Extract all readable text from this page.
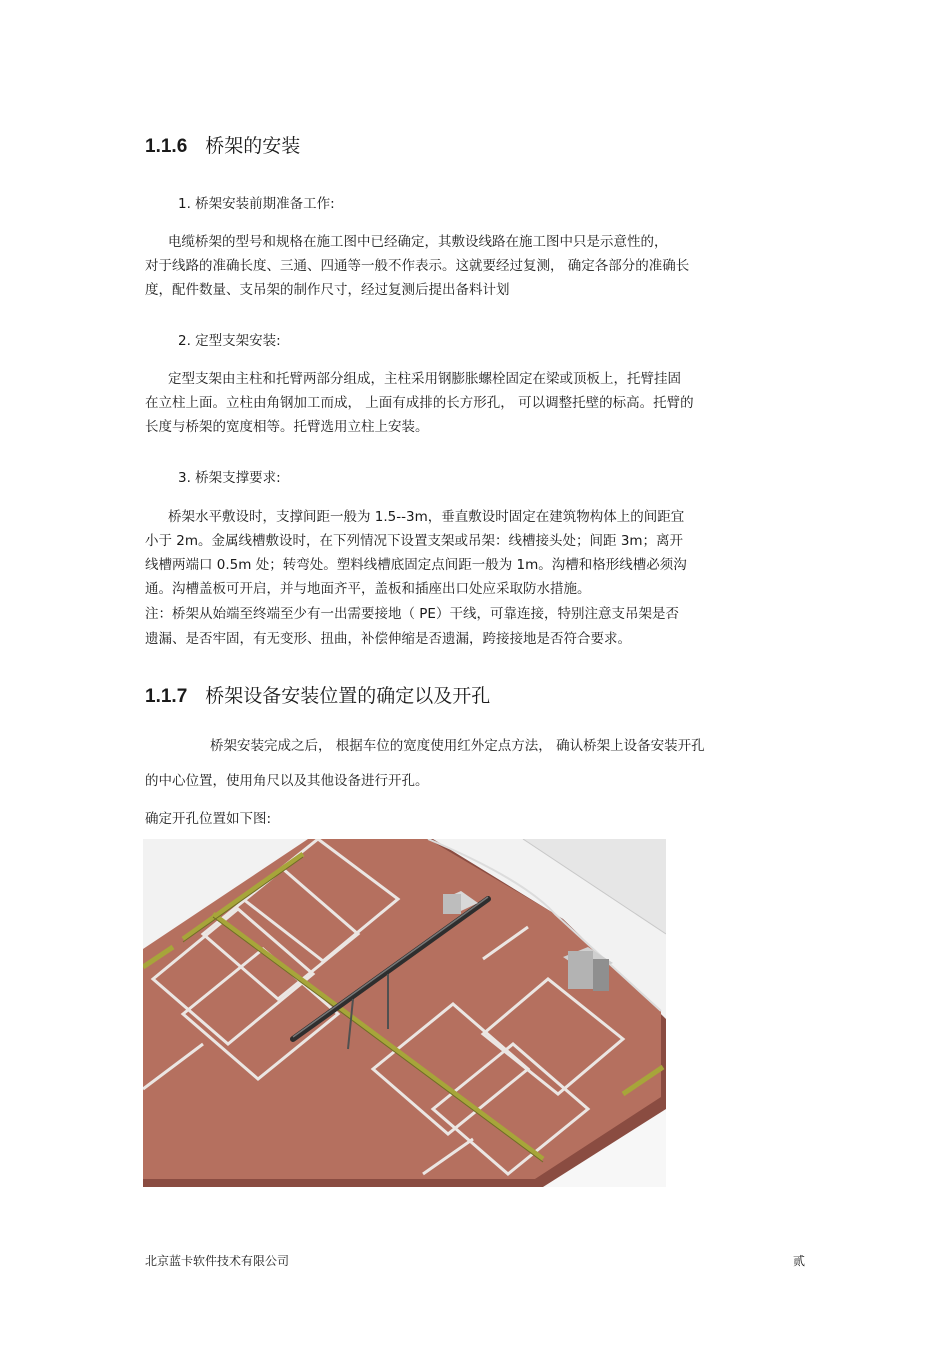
1.1.6 桥架的安装
1. 桥架安装前期准备工作:
电缆桥架的型号和规格在施工图中已经确定，其敷设线路在施工图中只是示意性的，
对于线路的准确长度、三通、四通等一般不作表示。这就要经过复测， 确定各部分的准确长
度，配件数量、支吊架的制作尺寸，经过复测后提出备料计划
2. 定型支架安装:
定型支架由主柱和托臂两部分组成，主柱采用钢膨胀螺栓固定在梁或顶板上，托臂挂固
在立柱上面。立柱由角钢加工而成， 上面有成排的长方形孔， 可以调整托壁的标高。托臂的
长度与桥架的宽度相等。托臂选用立柱上安装。
3. 桥架支撑要求:
桥架水平敷设时，支撑间距一般为 1.5--3m，垂直敷设时固定在建筑物构体上的间距宜
小于 2m。金属线槽敷设时，在下列情况下设置支架或吊架：线槽接头处；间距 3m；离开
线槽两端口 0.5m 处；转弯处。塑料线槽底固定点间距一般为 1m。沟槽和格形线槽必须沟
通。沟槽盖板可开启，并与地面齐平，盖板和插座出口处应采取防水措施。
注：桥架从始端至终端至少有一出需要接地（ PE）干线，可靠连接，特别注意支吊架是否
遗漏、是否牢固，有无变形、扭曲，补偿伸缩是否遗漏，跨接接地是否符合要求。
1.1.7 桥架设备安装位置的确定以及开孔
桥架安装完成之后， 根据车位的宽度使用红外定点方法， 确认桥架上设备安装开孔
的中心位置，使用角尺以及其他设备进行开孔。
确定开孔位置如下图:
北京蓝卡软件技术有限公司	贰
